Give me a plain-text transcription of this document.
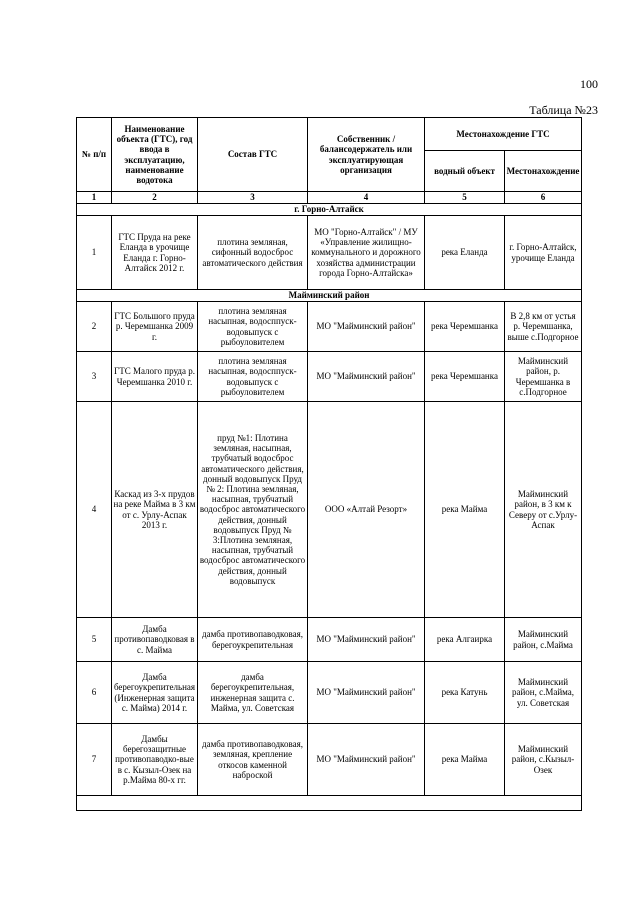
100
Таблица №23
№ п/п	Наименование объекта (ГТС), год ввода в эксплуатацию, наименование водотока	Состав ГТС	Собственник / балансодержатель или эксплуатирующая организация	Местонахождение ГТС	
				водный объект	Местонахождение
1	2	3	4	5	6
г. Горно-Алтайск					
1	ГТС Пруда на реке Еланда в урочище Еланда г. Горно-Алтайск 2012 г.	плотина земляная, сифонный водосброс автоматического действия	МО "Горно-Алтайск" / МУ «Управление жилищно-коммунального и дорожного хозяйства администрации города Горно-Алтайска»	река Еланда	г. Горно-Алтайск, урочище Еланда
Майминский район					
2	ГТС Большого пруда р. Черемшанка 2009 г.	плотина земляная насыпная, водосппуск-водовыпуск с рыбоуловителем	МО "Майминский район"	река Черемшанка	В 2,8 км от устья р. Черемшанка, выше с.Подгорное
3	ГТС Малого пруда р. Черемшанка 2010 г.	плотина земляная насыпная, водосппуск-водовыпуск с рыбоуловителем	МО "Майминский район"	река Черемшанка	Майминский район, р. Черемшанка в с.Подгорное
4	Каскад из 3-х прудов на реке Майма в 3 км от с. Урлу-Аспак 2013 г.	пруд №1: Плотина земляная, насыпная, трубчатый водосброс автоматического действия, донный водовыпуск Пруд № 2: Плотина земляная, насыпная, трубчатый водосброс автоматического действия, донный водовыпуск Пруд № 3:Плотина земляная, насыпная, трубчатый водосброс автоматического действия, донный водовыпуск	ООО «Алтай Резорт»	река Майма	Майминский район, в 3 км к Северу от с.Урлу-Аспак
5	Дамба противопаводковая в с. Майма	дамба противопаводковая, берегоукрепительная	МО "Майминский район"	река Алгаирка	Майминский район, с.Майма
6	Дамба берегоукрепительная (Инженерная защита с. Майма) 2014 г.	дамба берегоукрепительная, инженерная защита с. Майма, ул. Советская	МО "Майминский район"	река Катунь	Майминский район, с.Майма, ул. Советская
7	Дамбы берегозащитные противопаводко-вые в с. Кызыл-Озек на р.Майма 80-х гг.	дамба противопаводковая, земляная, крепление откосов каменной наброской	МО "Майминский район"	река Майма	Майминский район, с.Кызыл-Озек
